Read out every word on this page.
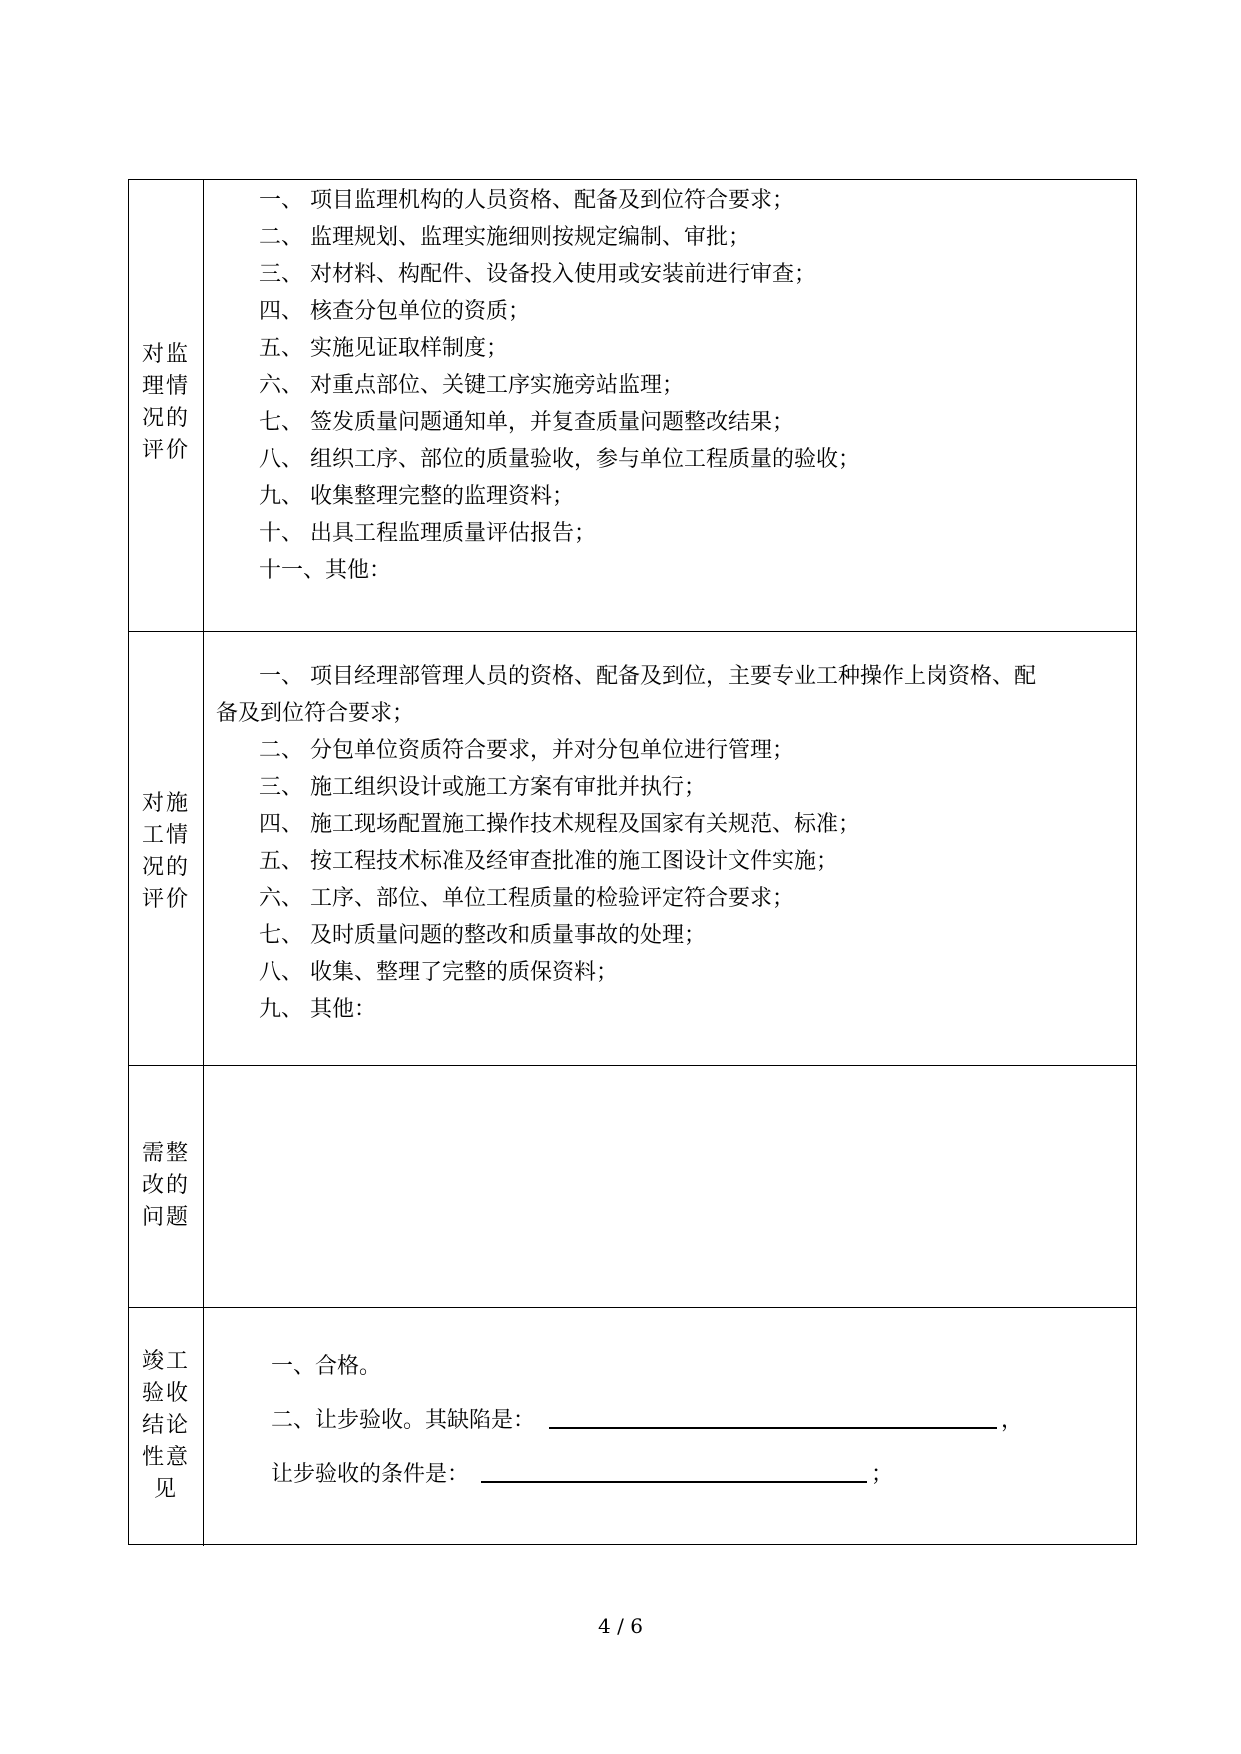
对监理情况的评价
一、 项目监理机构的人员资格、配备及到位符合要求；
二、 监理规划、监理实施细则按规定编制、审批；
三、 对材料、构配件、设备投入使用或安装前进行审查；
四、 核查分包单位的资质；
五、 实施见证取样制度；
六、 对重点部位、关键工序实施旁站监理；
七、 签发质量问题通知单，并复查质量问题整改结果；
八、 组织工序、部位的质量验收，参与单位工程质量的验收；
九、 收集整理完整的监理资料；
十、 出具工程监理质量评估报告；
十一、其他：
对施工情况的评价
一、 项目经理部管理人员的资格、配备及到位，主要专业工种操作上岗资格、配
备及到位符合要求；
二、 分包单位资质符合要求，并对分包单位进行管理；
三、 施工组织设计或施工方案有审批并执行；
四、 施工现场配置施工操作技术规程及国家有关规范、标准；
五、 按工程技术标准及经审查批准的施工图设计文件实施；
六、 工序、部位、单位工程质量的检验评定符合要求；
七、 及时质量问题的整改和质量事故的处理；
八、 收集、整理了完整的质保资料；
九、 其他：
需整改的问题
竣工验收结论性意见
一、合格。
二、让步验收。其缺陷是：	，
让步验收的条件是：	；
4 / 6
